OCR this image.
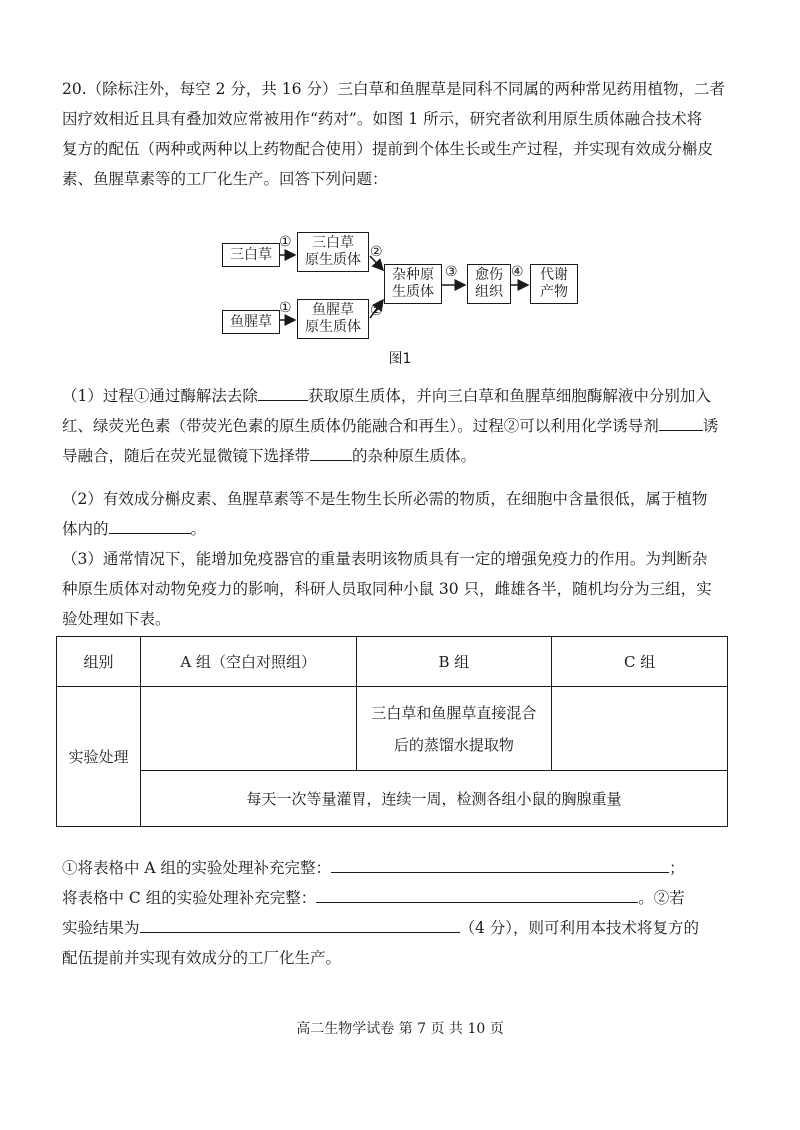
20.（除标注外，每空 2 分，共 16 分）三白草和鱼腥草是同科不同属的两种常见药用植物，二者
因疗效相近且具有叠加效应常被用作“药对”。如图 1 所示，研究者欲利用原生质体融合技术将
复方的配伍（两种或两种以上药物配合使用）提前到个体生长或生产过程，并实现有效成分槲皮
素、鱼腥草素等的工厂化生产。回答下列问题：
三白草
鱼腥草
三白草
原生质体
鱼腥草
原生质体
杂种原
生质体
愈伤
组织
代谢
产物
①
①
②
②
③	④
图1
（1）过程①通过酶解法去除	获取原生质体，并向三白草和鱼腥草细胞酶解液中分别加入
红、绿荧光色素（带荧光色素的原生质体仍能融合和再生）。过程②可以利用化学诱导剂	诱
导融合，随后在荧光显微镜下选择带	的杂种原生质体。
（2）有效成分槲皮素、鱼腥草素等不是生物生长所必需的物质，在细胞中含量很低，属于植物
体内的	。
（3）通常情况下，能增加免疫器官的重量表明该物质具有一定的增强免疫力的作用。为判断杂
种原生质体对动物免疫力的影响，科研人员取同种小鼠 30 只，雌雄各半，随机均分为三组，实
验处理如下表。
组别	A 组（空白对照组）	B 组	C 组
实验处理		三白草和鱼腥草直接混合
后的蒸馏水提取物	

	每天一次等量灌胃，连续一周，检测各组小鼠的胸腺重量		
①将表格中 A 组的实验处理补充完整：	；
将表格中 C 组的实验处理补充完整：	。②若
实验结果为	（4 分），则可利用本技术将复方的
配伍提前并实现有效成分的工厂化生产。
高二生物学试卷 第 7 页 共 10 页
